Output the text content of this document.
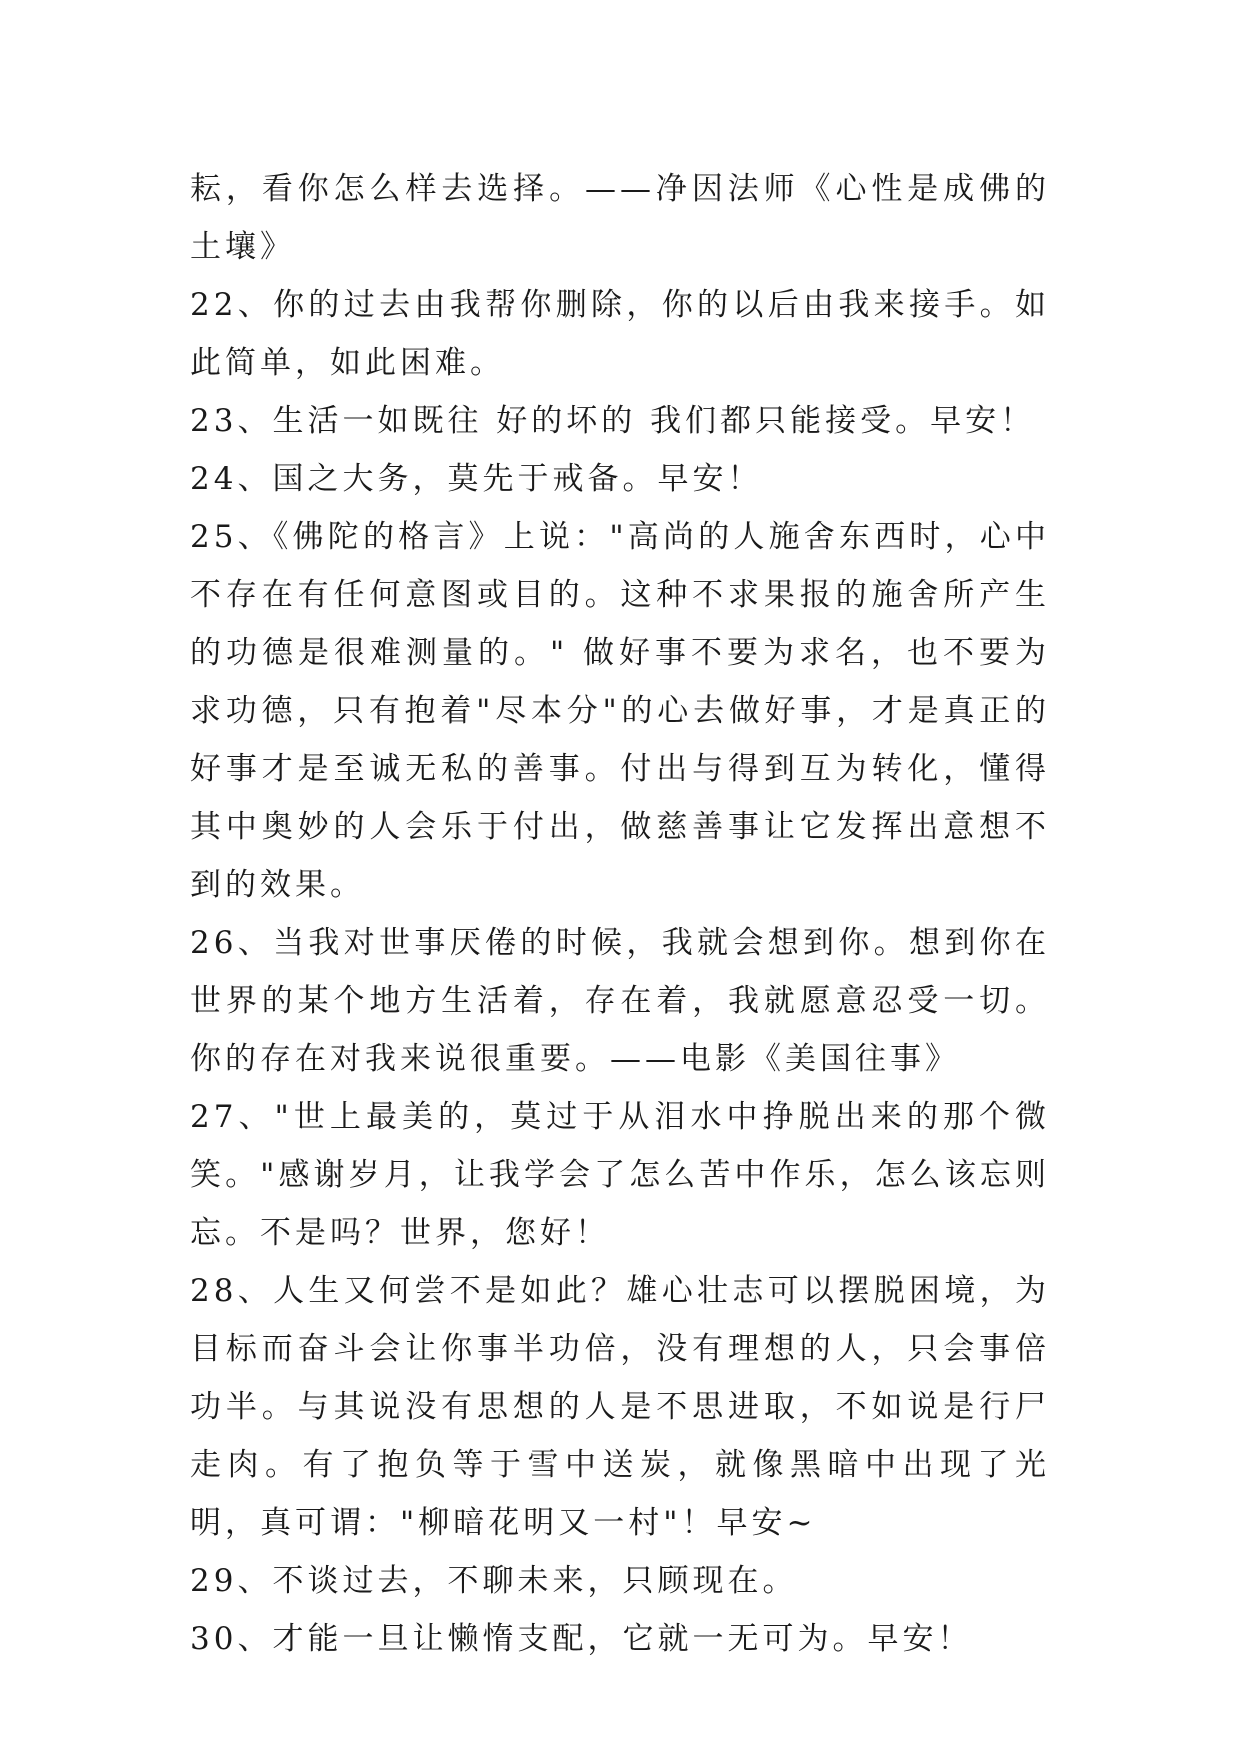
耘，看你怎么样去选择。——净因法师《心性是成佛的土壤》

22、你的过去由我帮你删除，你的以后由我来接手。如此简单，如此困难。

23、生活一如既往 好的坏的 我们都只能接受。早安！

24、国之大务，莫先于戒备。早安！

25、《佛陀的格言》上说："高尚的人施舍东西时，心中不存在有任何意图或目的。这种不求果报的施舍所产生的功德是很难测量的。" 做好事不要为求名，也不要为求功德，只有抱着"尽本分"的心去做好事，才是真正的好事才是至诚无私的善事。付出与得到互为转化，懂得其中奥妙的人会乐于付出，做慈善事让它发挥出意想不到的效果。

26、当我对世事厌倦的时候，我就会想到你。想到你在世界的某个地方生活着，存在着，我就愿意忍受一切。 你的存在对我来说很重要。——电影《美国往事》

27、"世上最美的，莫过于从泪水中挣脱出来的那个微笑。"感谢岁月，让我学会了怎么苦中作乐，怎么该忘则忘。不是吗？世界，您好！

28、人生又何尝不是如此？雄心壮志可以摆脱困境，为目标而奋斗会让你事半功倍，没有理想的人，只会事倍功半。与其说没有思想的人是不思进取，不如说是行尸走肉。有了抱负等于雪中送炭，就像黑暗中出现了光明，真可谓："柳暗花明又一村"！早安~

29、不谈过去，不聊未来，只顾现在。

30、才能一旦让懒惰支配，它就一无可为。早安！
